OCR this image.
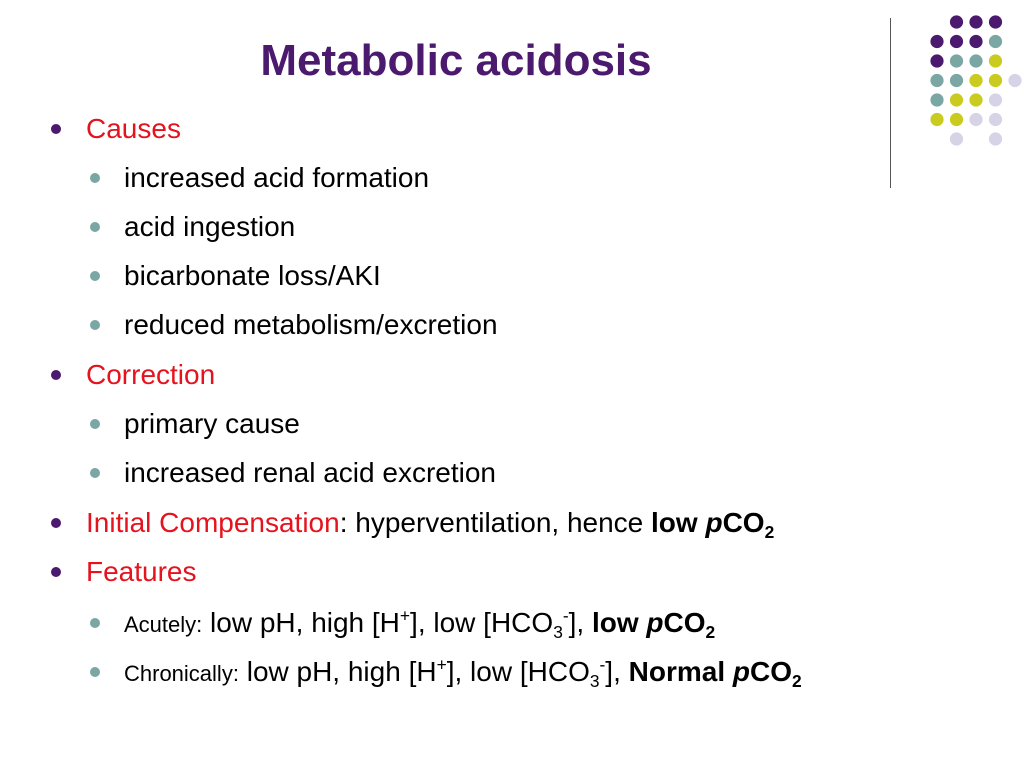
Metabolic acidosis
Causes
increased acid formation
acid ingestion
bicarbonate loss/AKI
reduced metabolism/excretion
Correction
primary cause
increased renal acid excretion
Initial Compensation: hyperventilation, hence low pCO$_2$
Features
Acutely: low pH, high [H+], low $[HCO_3^-]$, low pCO$_2$
Chronically: low pH, high [H+], low $[HCO_3^-]$, Normal pCO$_2$
